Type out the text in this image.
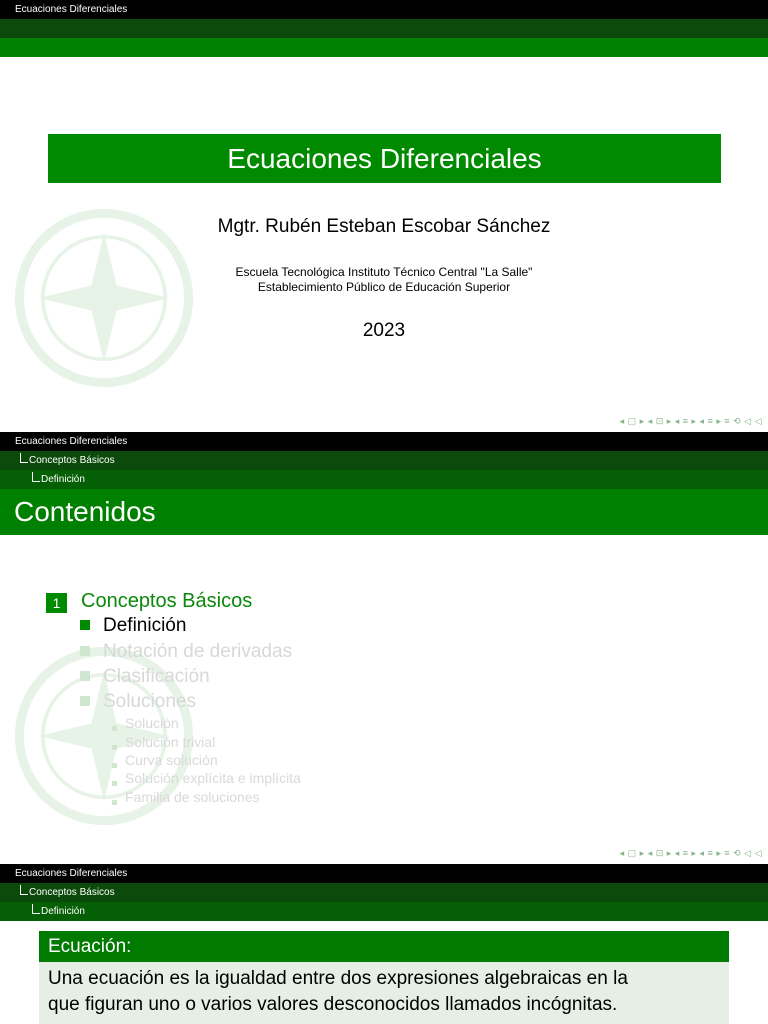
Ecuaciones Diferenciales
Ecuaciones Diferenciales
Mgtr. Rubén Esteban Escobar Sánchez
Escuela Tecnológica Instituto Técnico Central "La Salle"
Establecimiento Público de Educación Superior
2023
◂ ▢ ▸ ◂ ⊡ ▸ ◂ ≡ ▸ ◂ ≡ ▸ ≡ ⟲ ◁ ◁
Ecuaciones Diferenciales
Conceptos Básicos
Definición
Contenidos
1	Conceptos Básicos
Definición
Notación de derivadas
Clasificación
Soluciones
Solución
Solución trivial
Curva solución
Solución explícita e implícita
Familia de soluciones
◂ ▢ ▸ ◂ ⊡ ▸ ◂ ≡ ▸ ◂ ≡ ▸ ≡ ⟲ ◁ ◁
Ecuaciones Diferenciales
Conceptos Básicos
Definición
Ecuación:
Una ecuación es la igualdad entre dos expresiones algebraicas en la
que figuran uno o varios valores desconocidos llamados incógnitas.
